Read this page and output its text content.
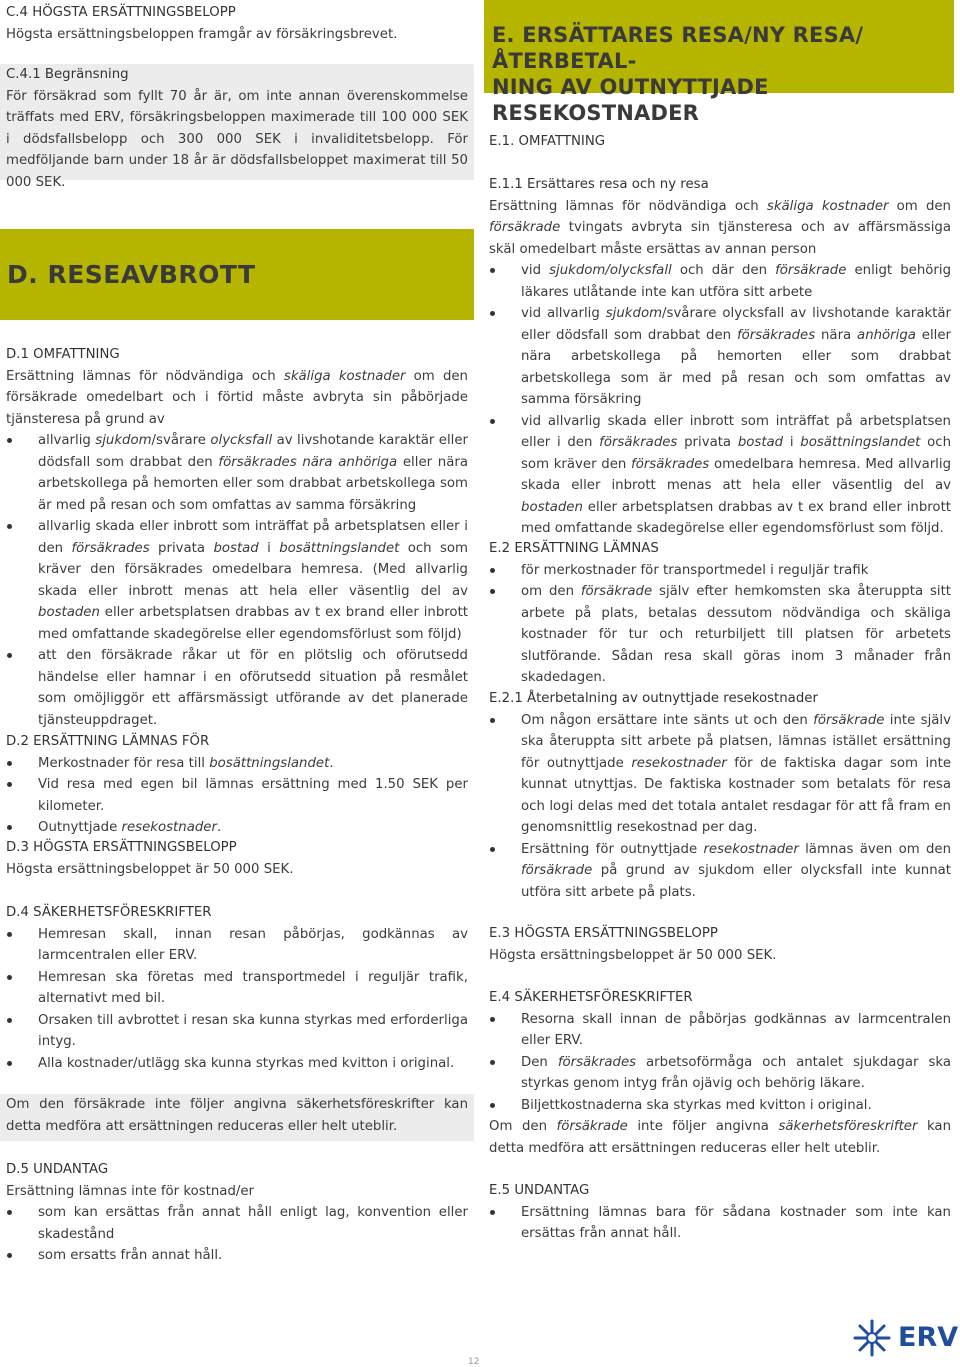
C.4 HÖGSTA ERSÄTTNINGSBELOPP
Högsta ersättningsbeloppen framgår av försäkringsbrevet.
C.4.1 Begränsning
För försäkrad som fyllt 70 år är, om inte annan överenskommelse träffats med ERV, försäkringsbeloppen maximerade till 100 000 SEK i dödsfallsbelopp och 300 000 SEK i invaliditetsbelopp. För medföljande barn under 18 år är dödsfallsbeloppet maximerat till 50 000 SEK.
D. RESEAVBROTT
D.1 OMFATTNING
Ersättning lämnas för nödvändiga och skäliga kostnader om den försäkrade omedelbart och i förtid måste avbryta sin påbörjade tjänsteresa på grund av
allvarlig sjukdom/svårare olycksfall av livshotande karaktär eller dödsfall som drabbat den försäkrades nära anhöriga eller nära arbetskollega på hemorten eller som drabbat arbetskollega som är med på resan och som omfattas av samma försäkring
allvarlig skada eller inbrott som inträffat på arbetsplatsen eller i den försäkrades privata bostad i bosättningslandet och som kräver den försäkrades omedelbara hemresa. (Med allvarlig skada eller inbrott menas att hela eller väsentlig del av bostaden eller arbetsplatsen drabbas av t ex brand eller inbrott med omfattande skadegörelse eller egendomsförlust som följd)
att den försäkrade råkar ut för en plötslig och oförutsedd händelse eller hamnar i en oförutsedd situation på resmålet som omöjliggör ett affärsmässigt utförande av det planerade tjänsteuppdraget.
D.2 ERSÄTTNING LÄMNAS FÖR
Merkostnader för resa till bosättningslandet.
Vid resa med egen bil lämnas ersättning med 1.50 SEK per kilometer.
Outnyttjade resekostnader.
D.3 HÖGSTA ERSÄTTNINGSBELOPP
Högsta ersättningsbeloppet är 50 000 SEK.
D.4 SÄKERHETSFÖRESKRIFTER
Hemresan skall, innan resan påbörjas, godkännas av larmcentralen eller ERV.
Hemresan ska företas med transportmedel i reguljär trafik, alternativt med bil.
Orsaken till avbrottet i resan ska kunna styrkas med erforderliga intyg.
Alla kostnader/utlägg ska kunna styrkas med kvitton i original.
Om den försäkrade inte följer angivna säkerhetsföreskrifter kan detta medföra att ersättningen reduceras eller helt uteblir.
D.5 UNDANTAG
Ersättning lämnas inte för kostnad/er
som kan ersättas från annat håll enligt lag, konvention eller skadestånd
som ersatts från annat håll.
E. ERSÄTTARES RESA/NY RESA/ÅTERBETAL-
NING AV OUTNYTTJADE RESEKOSTNADER
E.1. OMFATTNING
E.1.1 Ersättares resa och ny resa
Ersättning lämnas för nödvändiga och skäliga kostnader om den försäkrade tvingats avbryta sin tjänsteresa och av affärsmässiga skäl omedelbart måste ersättas av annan person
vid sjukdom/olycksfall och där den försäkrade enligt behörig läkares utlåtande inte kan utföra sitt arbete
vid allvarlig sjukdom/svårare olycksfall av livshotande karaktär eller dödsfall som drabbat den försäkrades nära anhöriga eller nära arbetskollega på hemorten eller som drabbat arbetskollega som är med på resan och som omfattas av samma försäkring
vid allvarlig skada eller inbrott som inträffat på arbetsplatsen eller i den försäkrades privata bostad i bosättningslandet och som kräver den försäkrades omedelbara hemresa. Med allvarlig skada eller inbrott menas att hela eller väsentlig del av bostaden eller arbetsplatsen drabbas av t ex brand eller inbrott med omfattande skadegörelse eller egendomsförlust som följd.
E.2 ERSÄTTNING LÄMNAS
för merkostnader för transportmedel i reguljär trafik
om den försäkrade själv efter hemkomsten ska återuppta sitt arbete på plats, betalas dessutom nödvändiga och skäliga kostnader för tur och returbiljett till platsen för arbetets slutförande. Sådan resa skall göras inom 3 månader från skadedagen.
E.2.1 Återbetalning av outnyttjade resekostnader
Om någon ersättare inte sänts ut och den försäkrade inte själv ska återuppta sitt arbete på platsen, lämnas istället ersättning för outnyttjade resekostnader för de faktiska dagar som inte kunnat utnyttjas. De faktiska kostnader som betalats för resa och logi delas med det totala antalet resdagar för att få fram en genomsnittlig resekostnad per dag.
Ersättning för outnyttjade resekostnader lämnas även om den försäkrade på grund av sjukdom eller olycksfall inte kunnat utföra sitt arbete på plats.
E.3 HÖGSTA ERSÄTTNINGSBELOPP
Högsta ersättningsbeloppet är 50 000 SEK.
E.4 SÄKERHETSFÖRESKRIFTER
Resorna skall innan de påbörjas godkännas av larmcentralen eller ERV.
Den försäkrades arbetsoförmåga och antalet sjukdagar ska styrkas genom intyg från ojävig och behörig läkare.
Biljettkostnaderna ska styrkas med kvitton i original.
Om den försäkrade inte följer angivna säkerhetsföreskrifter kan detta medföra att ersättningen reduceras eller helt uteblir.
E.5 UNDANTAG
Ersättning lämnas bara för sådana kostnader som inte kan ersättas från annat håll.
ERV
12
